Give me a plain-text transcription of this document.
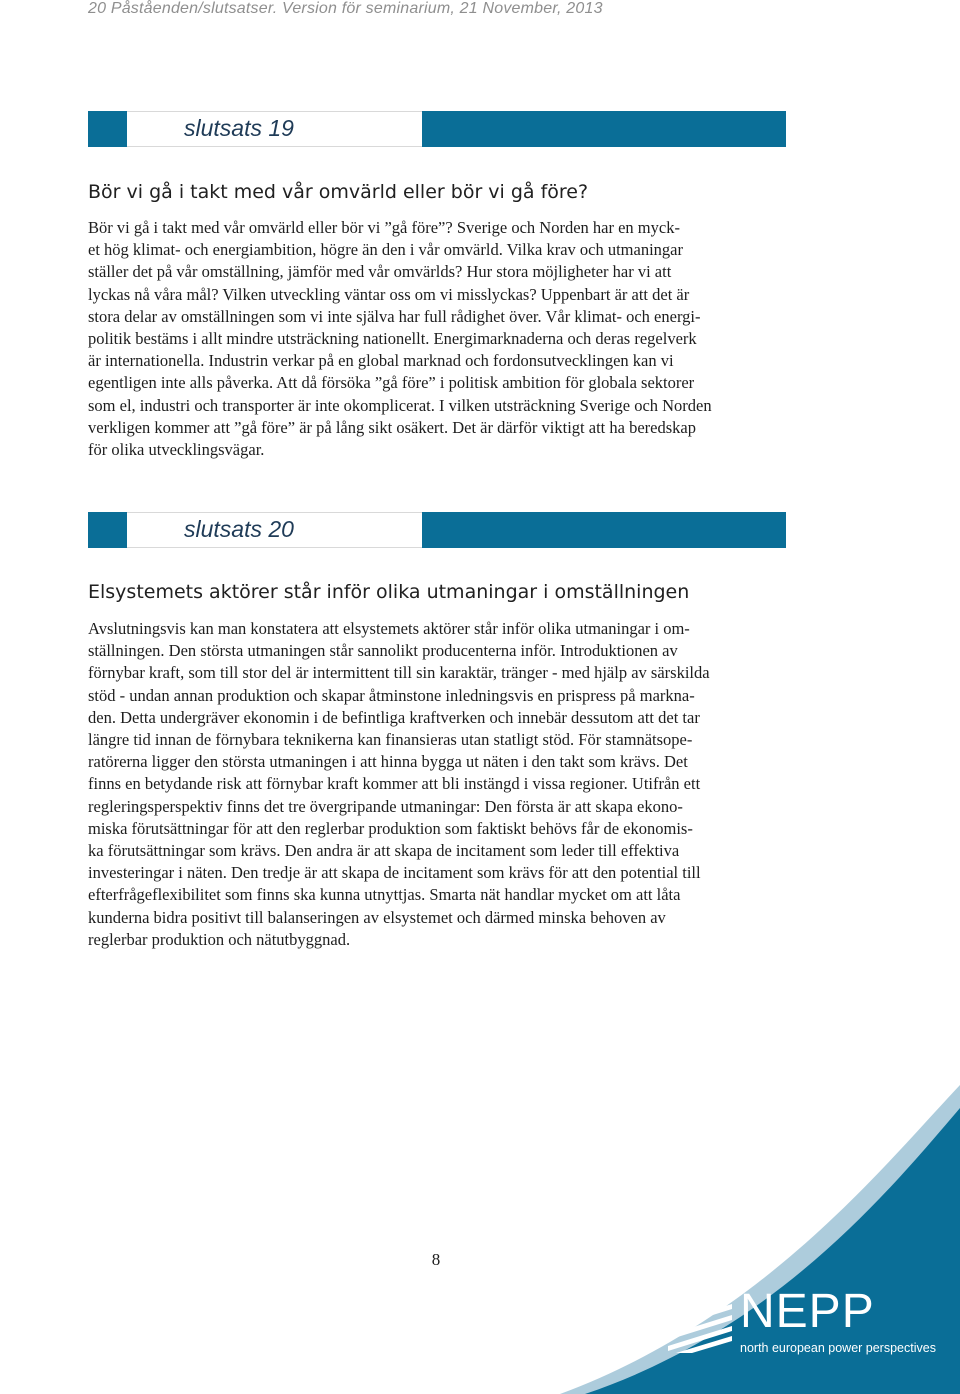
20 Påståenden/slutsatser. Version för seminarium, 21 November, 2013
slutsats 19
Bör vi gå i takt med vår omvärld eller bör vi gå före?
Bör vi gå i takt med vår omvärld eller bör vi ”gå före”? Sverige och Norden har en myck-
et hög klimat- och energiambition, högre än den i vår omvärld. Vilka krav och utmaningar
ställer det på vår omställning, jämför med vår omvärlds? Hur stora möjligheter har vi att
lyckas nå våra mål? Vilken utveckling väntar oss om vi misslyckas? Uppenbart är att det är
stora delar av omställningen som vi inte själva har full rådighet över. Vår klimat- och energi-
politik bestäms i allt mindre utsträckning nationellt. Energimarknaderna och deras regelverk
är internationella. Industrin verkar på en global marknad och fordonsutvecklingen kan vi
egentligen inte alls påverka. Att då försöka ”gå före” i politisk ambition för globala sektorer
som el, industri och transporter är inte okomplicerat. I vilken utsträckning Sverige och Norden
verkligen kommer att ”gå före” är på lång sikt osäkert. Det är därför viktigt att ha beredskap
för olika utvecklingsvägar.
slutsats 20
Elsystemets aktörer står inför olika utmaningar i omställningen
Avslutningsvis kan man konstatera att elsystemets aktörer står inför olika utmaningar i om-
ställningen. Den största utmaningen står sannolikt producenterna inför. Introduktionen av
förnybar kraft, som till stor del är intermittent till sin karaktär, tränger - med hjälp av särskilda
stöd - undan annan produktion och skapar åtminstone inledningsvis en prispress på markna-
den. Detta undergräver ekonomin i de befintliga kraftverken och innebär dessutom att det tar
längre tid innan de förnybara teknikerna kan finansieras utan statligt stöd. För stamnätsope-
ratörerna ligger den största utmaningen i att hinna bygga ut näten i den takt som krävs. Det
finns en betydande risk att förnybar kraft kommer att bli instängd i vissa regioner. Utifrån ett
regleringsperspektiv finns det tre övergripande utmaningar: Den första är att skapa ekono-
miska förutsättningar för att den reglerbar produktion som faktiskt behövs får de ekonomis-
ka förutsättningar som krävs. Den andra är att skapa de incitament som leder till effektiva
investeringar i näten. Den tredje är att skapa de incitament som krävs för att den potential till
efterfrågeflexibilitet som finns ska kunna utnyttjas. Smarta nät handlar mycket om att låta
kunderna bidra positivt till balanseringen av elsystemet och därmed minska behoven av
reglerbar produktion och nätutbyggnad.
8
NEPP
north european power perspectives
